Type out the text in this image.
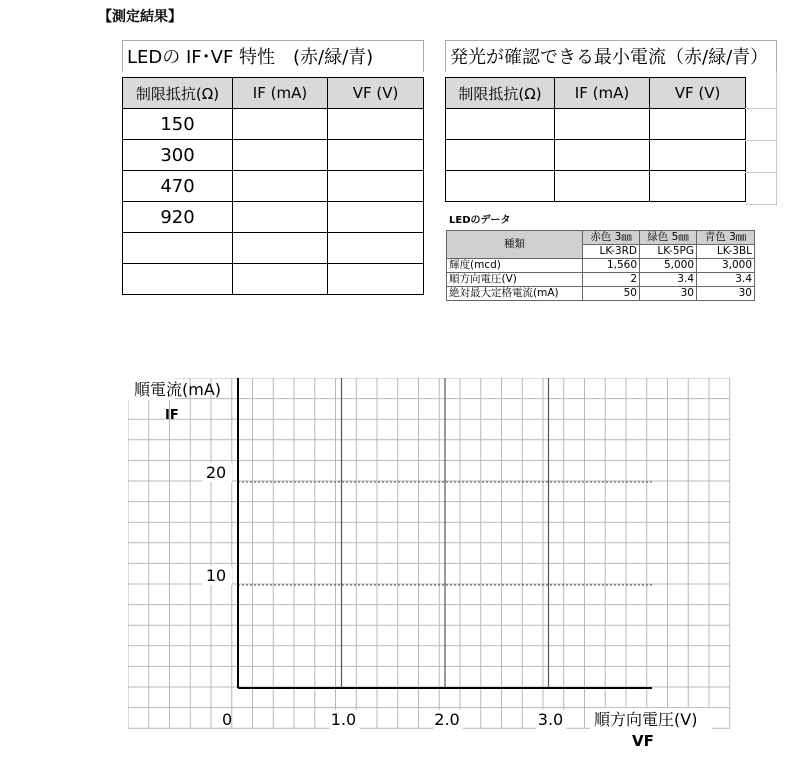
【測定結果】
LEDの IF･VF 特性　(赤/緑/青)
制限抵抗(Ω)	IF (mA)	VF (V)
150		
300		
470		
920		

発光が確認できる最小電流（赤/緑/青）
制限抵抗(Ω)	IF (mA)	VF (V)

LEDのデータ
種類	赤色 3㎜	緑色 5㎜	青色 3㎜
	LK-3RD	LK-5PG	LK-3BL
輝度(mcd)	1,560	5,000	3,000
順方向電圧(V)	2	3.4	3.4
絶対最大定格電流(mA)	50	30	30
順電流(mA)
IF
順方向電圧(V)
0	1.0	2.0	3.0
10
20
VF
